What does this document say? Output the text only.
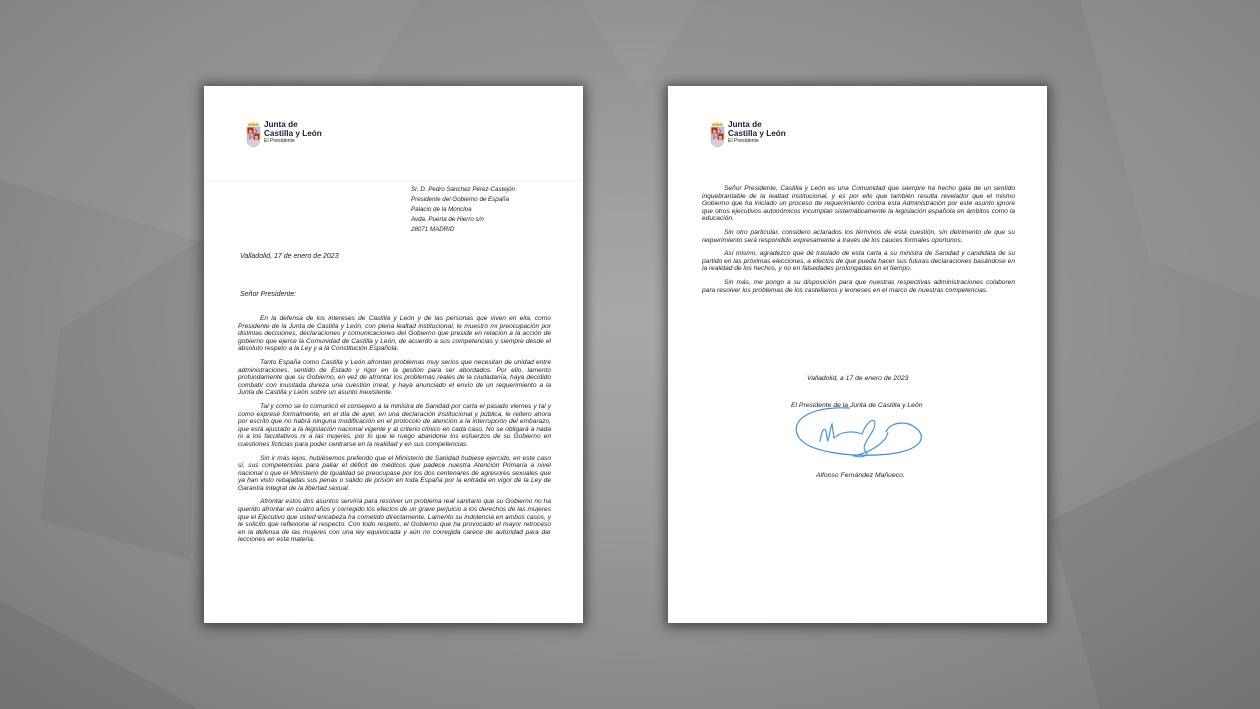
Junta de
Castilla y León
El Presidente
Sr. D. Pedro Sánchez Pérez-Castejón
Presidente del Gobierno de España
Palacio de la Moncloa
Avda. Puerta de Hierro s/n
28071 MADRID
Valladolid, 17 de enero de 2023
Señor Presidente:

En la defensa de los intereses de Castilla y León y de las personas que viven en ella, como Presidente de la Junta de Castilla y León, con plena lealtad institucional, le muestro mi preocupación por distintas decisiones, declaraciones y comunicaciones del Gobierno que preside en relación a la acción de gobierno que ejerce la Comunidad de Castilla y León, de acuerdo a sus competencias y siempre desde el absoluto respeto a la Ley y a la Constitución Española.

Tanto España como Castilla y León afrontan problemas muy serios que necesitan de unidad entre administraciones, sentido de Estado y rigor en la gestión para ser abordados. Por ello, lamento profundamente que su Gobierno, en vez de afrontar los problemas reales de la ciudadanía, haya decidido combatir con inusitada dureza una cuestión irreal, y haya anunciado el envío de un requerimiento a la Junta de Castilla y León sobre un asunto inexistente.

Tal y como se lo comunicó el consejero a la ministra de Sanidad por carta el pasado viernes y tal y como expresé formalmente, en el día de ayer, en una declaración institucional y pública, le reitero ahora por escrito que no habrá ninguna modificación en el protocolo de atención a la interrupción del embarazo, que está ajustado a la legislación nacional vigente y al criterio clínico en cada caso. No se obligará a nada ni a los facultativos ni a las mujeres, por lo que le ruego abandone los esfuerzos de su Gobierno en cuestiones ficticias para poder centrarse en la realidad y en sus competencias.

Sin ir más lejos, hubiésemos preferido que el Ministerio de Sanidad hubiese ejercido, en este caso sí, sus competencias para paliar el déficit de médicos que padece nuestra Atención Primaria a nivel nacional o que el Ministerio de Igualdad se preocupase por los dos centenares de agresores sexuales que ya han visto rebajadas sus penas o salido de prisión en toda España por la entrada en vigor de la Ley de Garantía integral de la libertad sexual.

Afrontar estos dos asuntos serviría para resolver un problema real sanitario que su Gobierno no ha querido afrontar en cuatro años y corregido los efectos de un grave perjuicio a los derechos de las mujeres que el Ejecutivo que usted encabeza ha cometido directamente. Lamento su indolencia en ambos casos, y le solicito que reflexione al respecto. Con todo respeto, el Gobierno que ha provocado el mayor retroceso en la defensa de las mujeres con una ley equivocada y aún no corregida carece de autoridad para dar lecciones en esta materia.

Junta de
Castilla y León
El Presidente

Señor Presidente, Castilla y León es una Comunidad que siempre ha hecho gala de un sentido inquebrantable de la lealtad institucional, y es por ello que también resulta revelador que el mismo Gobierno que ha iniciado un proceso de requerimiento contra esta Administración por este asunto ignore que otros ejecutivos autonómicos incumplan sistemáticamente la legislación española en ámbitos como la educación.

Sin otro particular, considero aclarados los términos de esta cuestión, sin detrimento de que su requerimiento será respondido expresamente a través de los cauces formales oportunos.

Así mismo, agradezco que dé traslado de esta carta a su ministra de Sanidad y candidata de su partido en las próximas elecciones, a efectos de que pueda hacer sus futuras declaraciones basándose en la realidad de los hechos, y no en falsedades prolongadas en el tiempo.

Sin más, me pongo a su disposición para que nuestras respectivas administraciones colaboren para resolver los problemas de los castellanos y leoneses en el marco de nuestras competencias.

Valladolid, a 17 de enero de 2023
El Presidente de la Junta de Castilla y León
Alfonso Fernández Mañueco.
